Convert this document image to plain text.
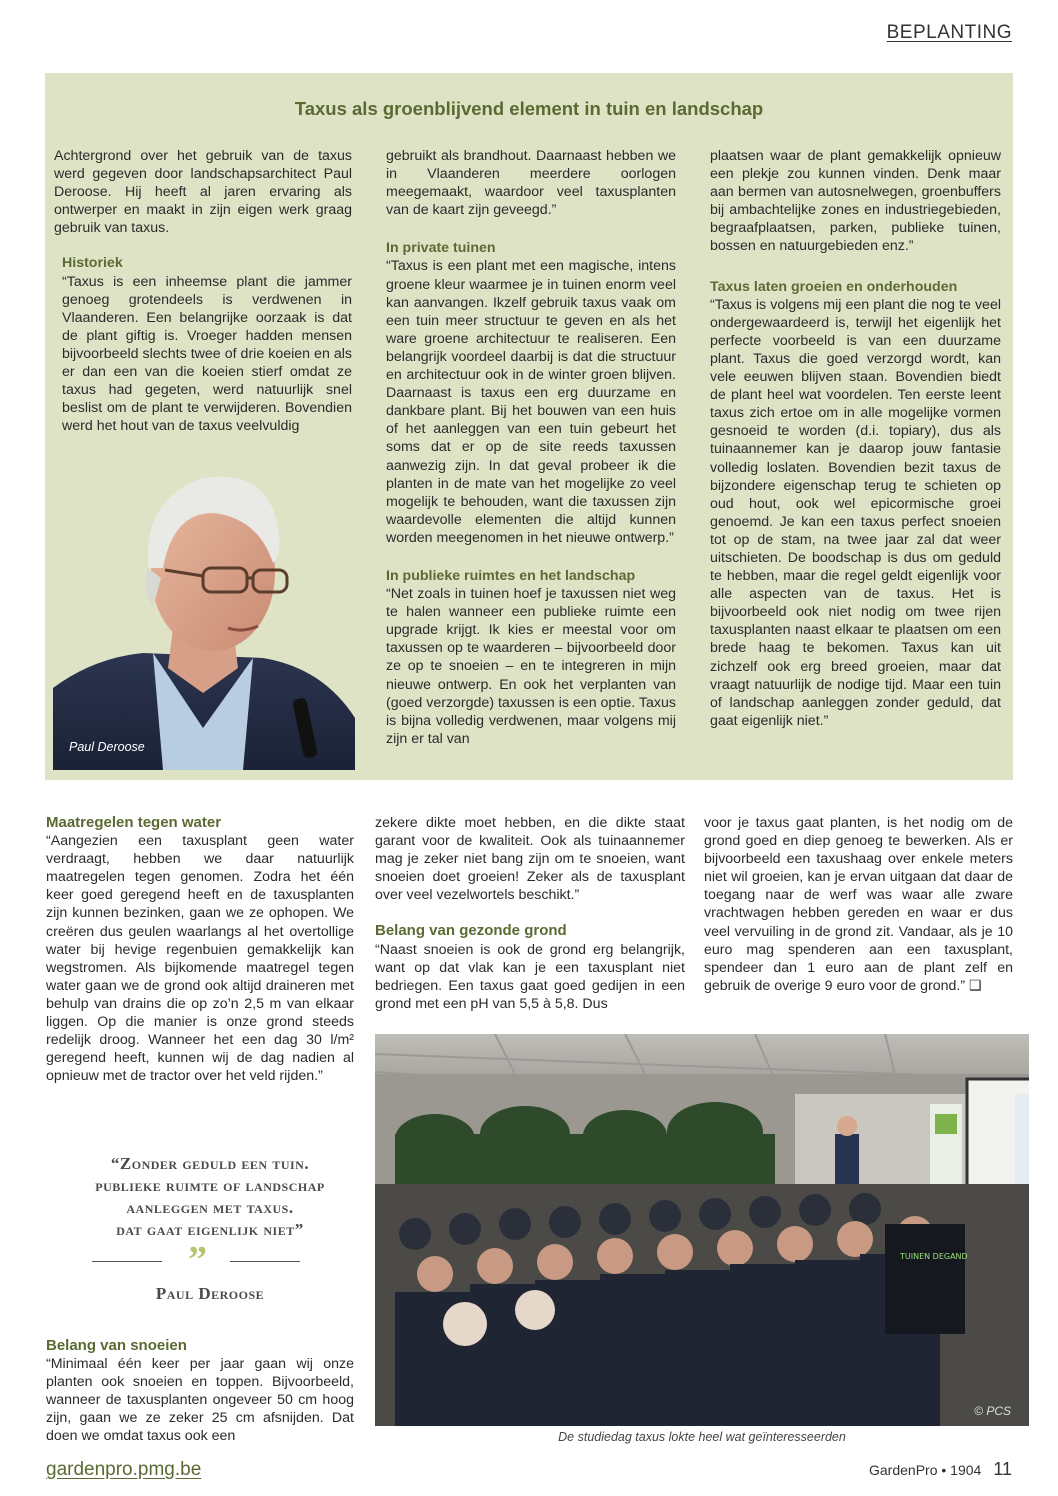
BEPLANTING
Taxus als groenblijvend element in tuin en landschap

Achtergrond over het gebruik van de taxus werd gegeven door landschapsarchitect Paul Deroose. Hij heeft al jaren ervaring als ontwerper en maakt in zijn eigen werk graag gebruik van taxus.

Historiek

“Taxus is een inheemse plant die jammer genoeg grotendeels is verdwenen in Vlaanderen. Een belangrijke oorzaak is dat de plant giftig is. Vroeger hadden mensen bijvoorbeeld slechts twee of drie koeien en als er dan een van die koeien stierf omdat ze taxus had gegeten, werd natuurlijk snel beslist om de plant te verwijderen. Bovendien werd het hout van de taxus veelvuldig

Paul Deroose

gebruikt als brandhout. Daarnaast hebben we in Vlaanderen meerdere oorlogen meegemaakt, waardoor veel taxusplanten van de kaart zijn geveegd.”

In private tuinen

“Taxus is een plant met een magische, intens groene kleur waarmee je in tuinen enorm veel kan aanvangen. Ikzelf gebruik taxus vaak om een tuin meer structuur te geven en als het ware groene architectuur te realiseren. Een belangrijk voordeel daarbij is dat die structuur en architectuur ook in de winter groen blijven. Daarnaast is taxus een erg duurzame en dankbare plant. Bij het bouwen van een huis of het aanleggen van een tuin gebeurt het soms dat er op de site reeds taxussen aanwezig zijn. In dat geval probeer ik die planten in de mate van het mogelijke zo veel mogelijk te behouden, want die taxussen zijn waardevolle elementen die altijd kunnen worden meegenomen in het nieuwe ontwerp.”

In publieke ruimtes en het landschap

“Net zoals in tuinen hoef je taxussen niet weg te halen wanneer een publieke ruimte een upgrade krijgt. Ik kies er meestal voor om taxussen op te waarderen – bijvoorbeeld door ze op te snoeien – en te integreren in mijn nieuwe ontwerp. En ook het verplanten van (goed verzorgde) taxussen is een optie. Taxus is bijna volledig verdwenen, maar volgens mij zijn er tal van

plaatsen waar de plant gemakkelijk opnieuw een plekje zou kunnen vinden. Denk maar aan bermen van autosnelwegen, groenbuffers bij ambachtelijke zones en industriegebieden, begraafplaatsen, parken, publieke tuinen, bossen en natuurgebieden enz.”

Taxus laten groeien en onderhouden

“Taxus is volgens mij een plant die nog te veel ondergewaardeerd is, terwijl het eigenlijk het perfecte voorbeeld is van een duurzame plant. Taxus die goed verzorgd wordt, kan vele eeuwen blijven staan. Bovendien biedt de plant heel wat voordelen. Ten eerste leent taxus zich ertoe om in alle mogelijke vormen gesnoeid te worden (d.i. topiary), dus als tuinaannemer kan je daarop jouw fantasie volledig loslaten. Bovendien bezit taxus de bijzondere eigenschap terug te schieten op oud hout, ook wel epicormische groei genoemd. Je kan een taxus perfect snoeien tot op de stam, na twee jaar zal dat weer uitschieten. De boodschap is dus om geduld te hebben, maar die regel geldt eigenlijk voor alle aspecten van de taxus. Het is bijvoorbeeld ook niet nodig om twee rijen taxusplanten naast elkaar te plaatsen om een brede haag te bekomen. Taxus kan uit zichzelf ook erg breed groeien, maar dat vraagt natuurlijk de nodige tijd. Maar een tuin of landschap aanleggen zonder geduld, dat gaat eigenlijk niet.”

Maatregelen tegen water

“Aangezien een taxusplant geen water verdraagt, hebben we daar natuurlijk maatregelen tegen genomen. Zodra het één keer goed geregend heeft en de taxusplanten zijn kunnen bezinken, gaan we ze ophopen. We creëren dus geulen waarlangs al het overtollige water bij hevige regenbuien gemakkelijk kan wegstromen. Als bijkomende maatregel tegen water gaan we de grond ook altijd draineren met behulp van drains die op zo’n 2,5 m van elkaar liggen. Op die manier is onze grond steeds redelijk droog. Wanneer het een dag 30 l/m² geregend heeft, kunnen wij de dag nadien al opnieuw met de tractor over het veld rijden.”

“Zonder geduld een tuin.
publieke ruimte of landschap
aanleggen met taxus.
dat gaat eigenlijk niet”
”
Paul Deroose
Belang van snoeien

“Minimaal één keer per jaar gaan wij onze planten ook snoeien en toppen. Bijvoorbeeld, wanneer de taxusplanten ongeveer 50 cm hoog zijn, gaan we ze zeker 25 cm afsnijden. Dat doen we omdat taxus ook een

zekere dikte moet hebben, en die dikte staat garant voor de kwaliteit. Ook als tuinaannemer mag je zeker niet bang zijn om te snoeien, want snoeien doet groeien! Zeker als de taxusplant over veel vezelwortels beschikt.”

Belang van gezonde grond

“Naast snoeien is ook de grond erg belangrijk, want op dat vlak kan je een taxusplant niet bedriegen. Een taxus gaat goed gedijen in een grond met een pH van 5,5 à 5,8. Dus

voor je taxus gaat planten, is het nodig om de grond goed en diep genoeg te bewerken. Als er bijvoorbeeld een taxushaag over enkele meters niet wil groeien, kan je ervan uitgaan dat daar de toegang naar de werf was waar alle zware vrachtwagen hebben gereden en waar er dus veel vervuiling in de grond zit. Vandaar, als je 10 euro mag spenderen aan een taxusplant, spendeer dan 1 euro aan de plant zelf en gebruik de overige 9 euro voor de grond.” ❑

TUINEN DEGAND
© PCS
De studiedag taxus lokte heel wat geïnteresseerden
gardenpro.pmg.be	GardenPro • 1904 11
